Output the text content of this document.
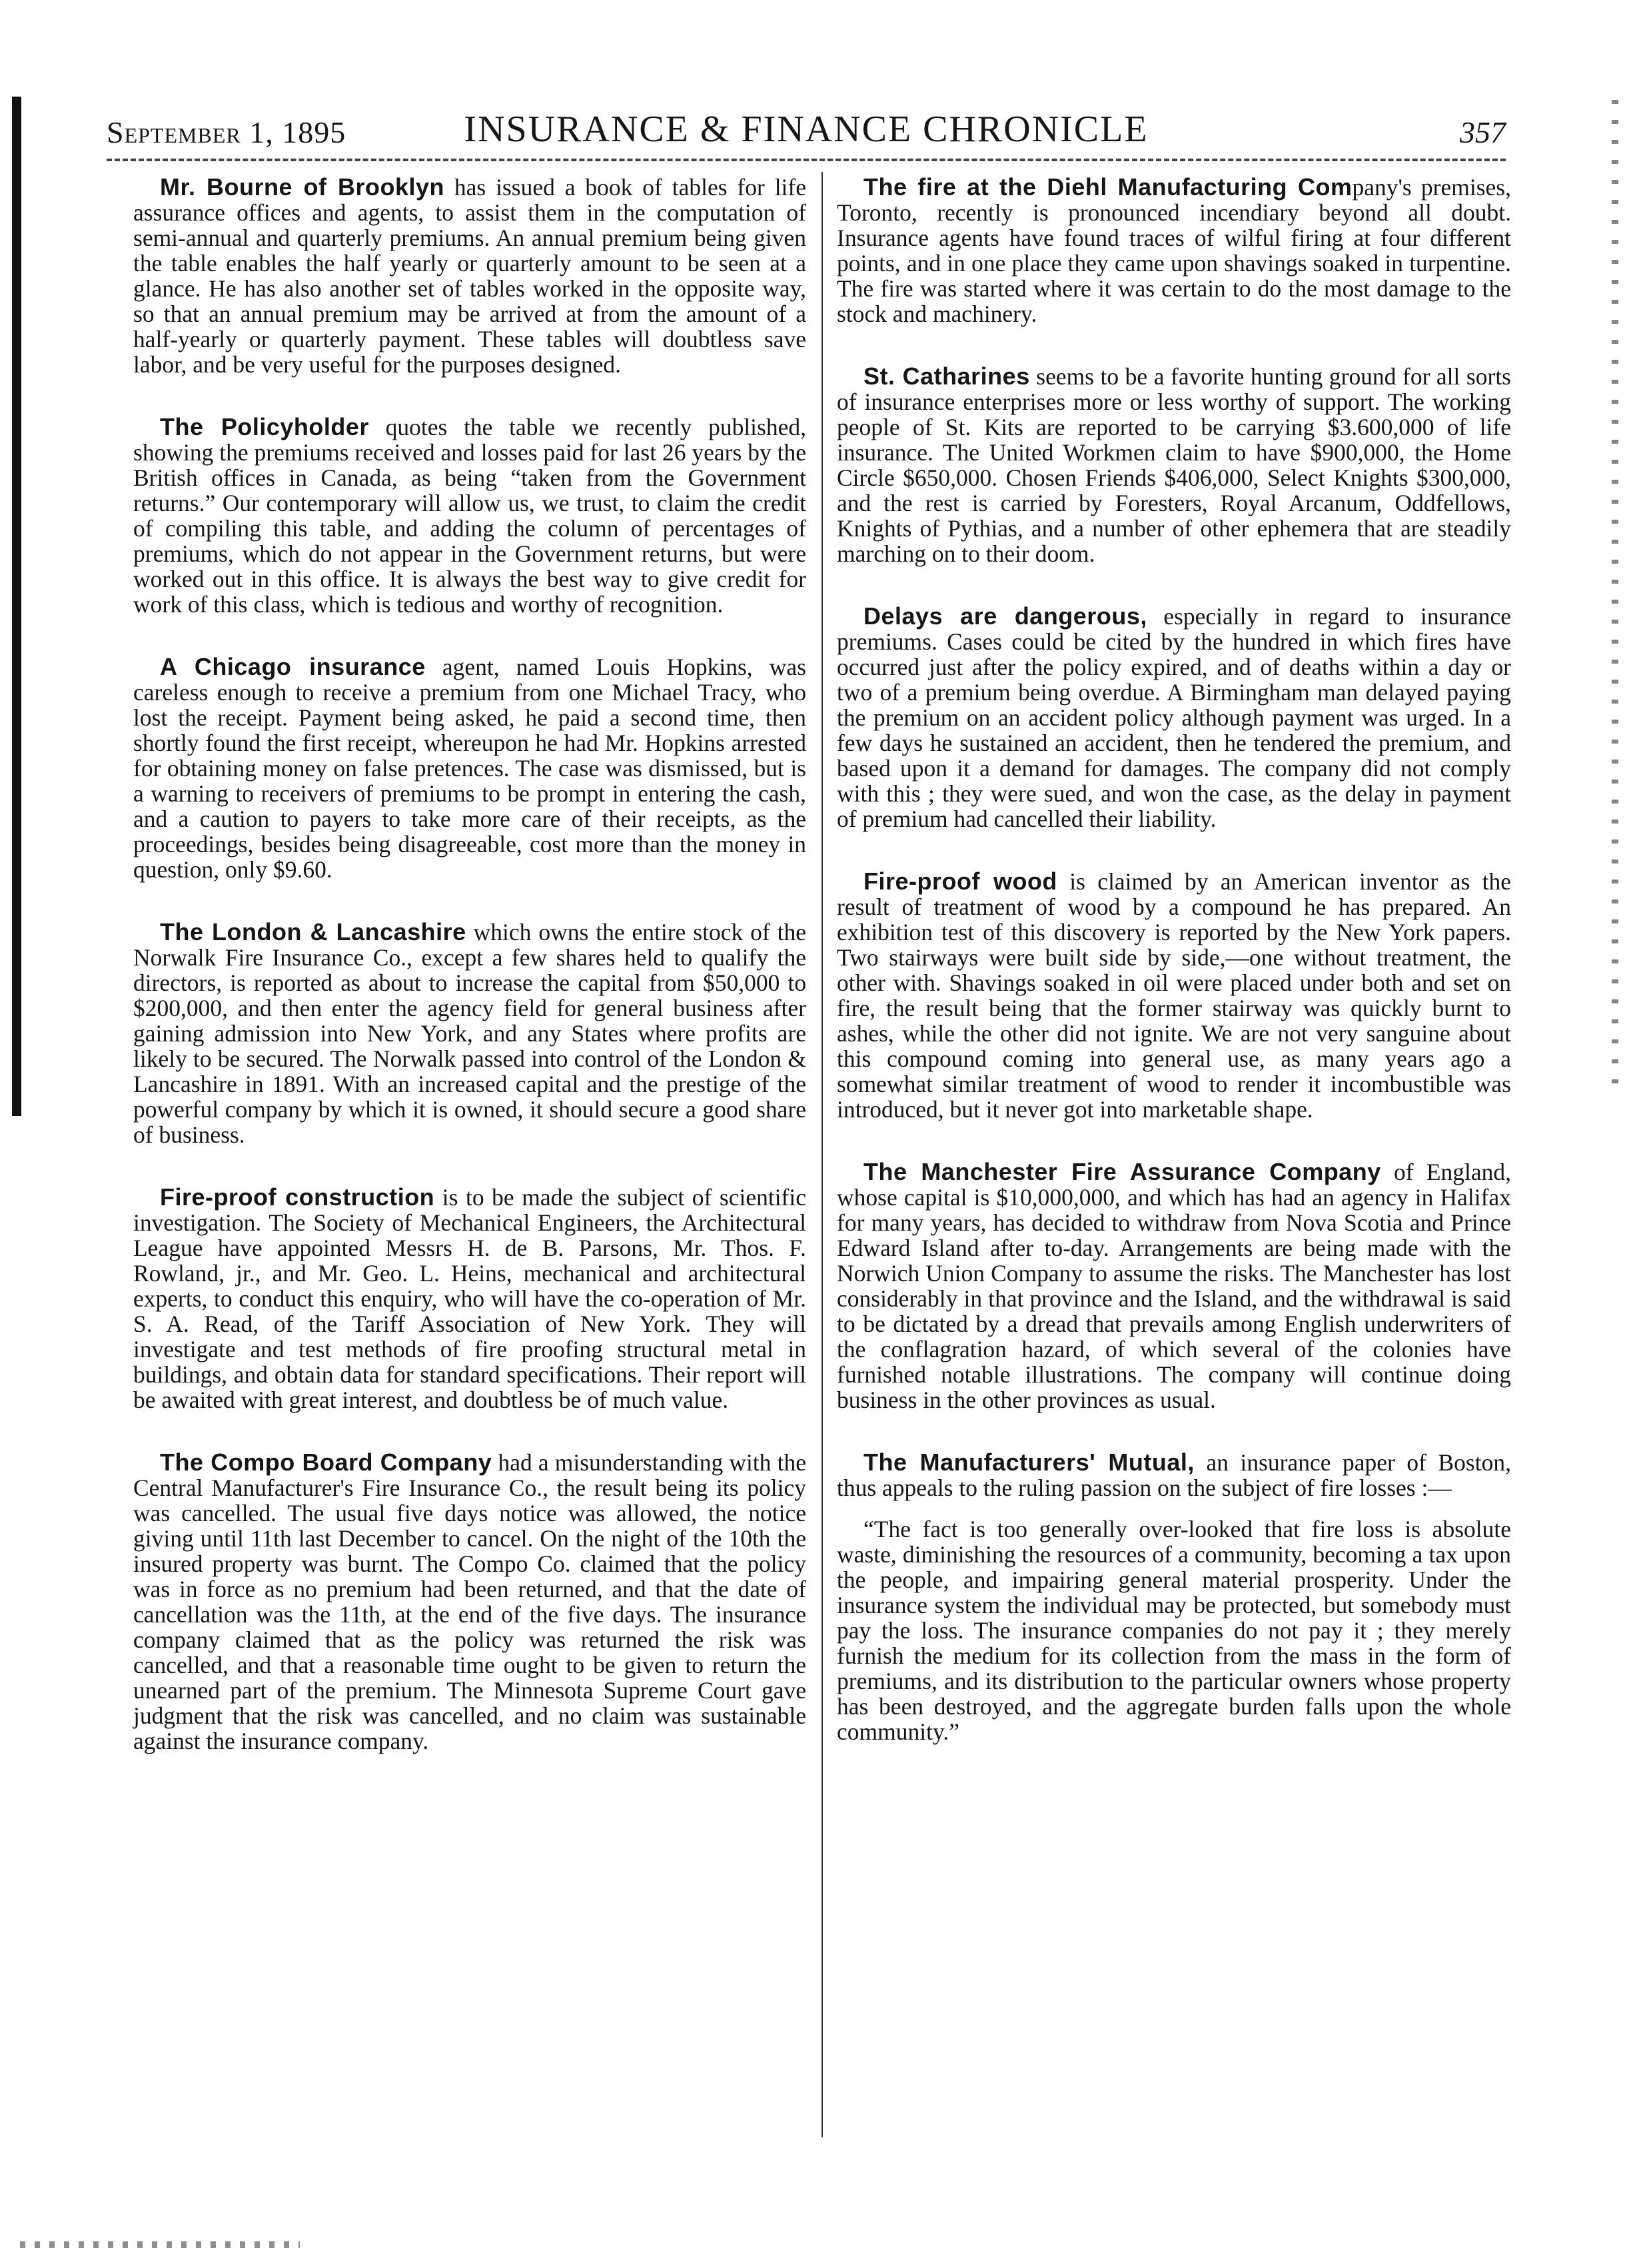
September 1, 1895	INSURANCE & FINANCE CHRONICLE	357

Mr. Bourne of Brooklyn has issued a book of tables for life assurance offices and agents, to assist them in the computation of semi-annual and quarterly premiums. An annual premium being given the table enables the half yearly or quarterly amount to be seen at a glance. He has also another set of tables worked in the opposite way, so that an annual premium may be arrived at from the amount of a half-yearly or quarterly payment. These tables will doubtless save labor, and be very useful for the purposes designed.

The Policyholder quotes the table we recently published, showing the premiums received and losses paid for last 26 years by the British offices in Canada, as being “taken from the Government returns.” Our contemporary will allow us, we trust, to claim the credit of compiling this table, and adding the column of percentages of premiums, which do not appear in the Government returns, but were worked out in this office. It is always the best way to give credit for work of this class, which is tedious and worthy of recognition.

A Chicago insurance agent, named Louis Hopkins, was careless enough to receive a premium from one Michael Tracy, who lost the receipt. Payment being asked, he paid a second time, then shortly found the first receipt, whereupon he had Mr. Hopkins arrested for obtaining money on false pretences. The case was dismissed, but is a warning to receivers of premiums to be prompt in entering the cash, and a caution to payers to take more care of their receipts, as the proceedings, besides being disagreeable, cost more than the money in question, only $9.60.

The London & Lancashire which owns the entire stock of the Norwalk Fire Insurance Co., except a few shares held to qualify the directors, is reported as about to increase the capital from $50,000 to $200,000, and then enter the agency field for general business after gaining admission into New York, and any States where profits are likely to be secured. The Norwalk passed into control of the London & Lancashire in 1891. With an increased capital and the prestige of the powerful company by which it is owned, it should secure a good share of business.

Fire-proof construction is to be made the subject of scientific investigation. The Society of Mechanical Engineers, the Architectural League have appointed Messrs H. de B. Parsons, Mr. Thos. F. Rowland, jr., and Mr. Geo. L. Heins, mechanical and architectural experts, to conduct this enquiry, who will have the co-operation of Mr. S. A. Read, of the Tariff Association of New York. They will investigate and test methods of fire proofing structural metal in buildings, and obtain data for standard specifications. Their report will be awaited with great interest, and doubtless be of much value.

The Compo Board Company had a misunderstanding with the Central Manufacturer's Fire Insurance Co., the result being its policy was cancelled. The usual five days notice was allowed, the notice giving until 11th last December to cancel. On the night of the 10th the insured property was burnt. The Compo Co. claimed that the policy was in force as no premium had been returned, and that the date of cancellation was the 11th, at the end of the five days. The insurance company claimed that as the policy was returned the risk was cancelled, and that a reasonable time ought to be given to return the unearned part of the premium. The Minnesota Supreme Court gave judgment that the risk was cancelled, and no claim was sustainable against the insurance company.

The fire at the Diehl Manufacturing Company's premises, Toronto, recently is pronounced incendiary beyond all doubt. Insurance agents have found traces of wilful firing at four different points, and in one place they came upon shavings soaked in turpentine. The fire was started where it was certain to do the most damage to the stock and machinery.

St. Catharines seems to be a favorite hunting ground for all sorts of insurance enterprises more or less worthy of support. The working people of St. Kits are reported to be carrying $3.600,000 of life insurance. The United Workmen claim to have $900,000, the Home Circle $650,000. Chosen Friends $406,000, Select Knights $300,000, and the rest is carried by Foresters, Royal Arcanum, Oddfellows, Knights of Pythias, and a number of other ephemera that are steadily marching on to their doom.

Delays are dangerous, especially in regard to insurance premiums. Cases could be cited by the hundred in which fires have occurred just after the policy expired, and of deaths within a day or two of a premium being overdue. A Birmingham man delayed paying the premium on an accident policy although payment was urged. In a few days he sustained an accident, then he tendered the premium, and based upon it a demand for damages. The company did not comply with this ; they were sued, and won the case, as the delay in payment of premium had cancelled their liability.

Fire-proof wood is claimed by an American inventor as the result of treatment of wood by a compound he has prepared. An exhibition test of this discovery is reported by the New York papers. Two stairways were built side by side,—one without treatment, the other with. Shavings soaked in oil were placed under both and set on fire, the result being that the former stairway was quickly burnt to ashes, while the other did not ignite. We are not very sanguine about this compound coming into general use, as many years ago a somewhat similar treatment of wood to render it incombustible was introduced, but it never got into marketable shape.

The Manchester Fire Assurance Company of England, whose capital is $10,000,000, and which has had an agency in Halifax for many years, has decided to withdraw from Nova Scotia and Prince Edward Island after to-day. Arrangements are being made with the Norwich Union Company to assume the risks. The Manchester has lost considerably in that province and the Island, and the withdrawal is said to be dictated by a dread that prevails among English underwriters of the conflagration hazard, of which several of the colonies have furnished notable illustrations. The company will continue doing business in the other provinces as usual.

The Manufacturers' Mutual, an insurance paper of Boston, thus appeals to the ruling passion on the subject of fire losses :—

“The fact is too generally over-looked that fire loss is absolute waste, diminishing the resources of a community, becoming a tax upon the people, and impairing general material prosperity. Under the insurance system the individual may be protected, but somebody must pay the loss. The insurance companies do not pay it ; they merely furnish the medium for its collection from the mass in the form of premiums, and its distribution to the particular owners whose property has been destroyed, and the aggregate burden falls upon the whole community.”
